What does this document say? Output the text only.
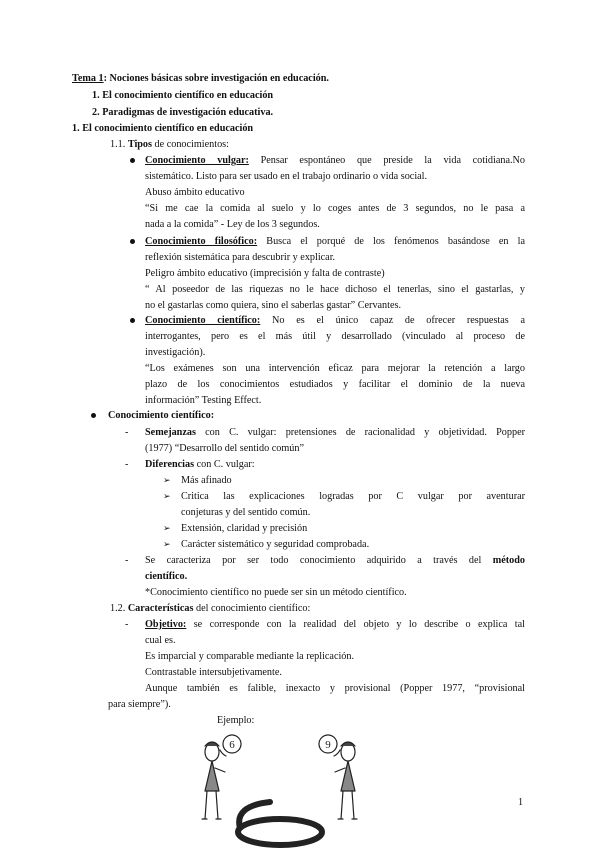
Tema 1: Nociones básicas sobre investigación en educación.
1. El conocimiento científico en educación
2. Paradigmas de investigación educativa.
1. El conocimiento científico en educación
1.1. Tipos de conocimientos:
Conocimiento vulgar: Pensar espontáneo que preside la vida cotidiana.No
sistemático. Listo para ser usado en el trabajo ordinario o vida social.
Abuso ámbito educativo
“Si me cae la comida al suelo y lo coges antes de 3 segundos, no le pasa a
nada a la comida” - Ley de los 3 segundos.
Conocimiento filosófico: Busca el porqué de los fenómenos basándose en la
reflexión sistemática para descubrir y explicar.
Peligro ámbito educativo (imprecisión y falta de contraste)
“ Al poseedor de las riquezas no le hace dichoso el tenerlas, sino el gastarlas, y
no el gastarlas como quiera, sino el saberlas gastar” Cervantes.
Conocimiento científico: No es el único capaz de ofrecer respuestas a
interrogantes, pero es el más útil y desarrollado (vinculado al proceso de
investigación).
“Los exámenes son una intervención eficaz para mejorar la retención a largo
plazo de los conocimientos estudiados y facilitar el dominio de la nueva
información” Testing Effect.
Conocimiento científico:
- Semejanzas con C. vulgar: pretensiones de racionalidad y objetividad. Popper
(1977) “Desarrollo del sentido común”
- Diferencias con C. vulgar:
➢ Más afinado
➢ Critica las explicaciones logradas por C vulgar por aventurar
conjeturas y del sentido común.
➢ Extensión, claridad y precisión
➢ Carácter sistemático y seguridad comprobada.
- Se caracteriza por ser todo conocimiento adquirido a través del método
científico.
*Conocimiento científico no puede ser sin un método científico.
1.2. Características del conocimiento científico:
- Objetivo: se corresponde con la realidad del objeto y lo describe o explica tal
cual es.
Es imparcial y comparable mediante la replicación.
Contrastable intersubjetivamente.
Aunque también es falible, inexacto y provisional (Popper 1977, “provisional
para siempre”).
Ejemplo:
6	9
1
